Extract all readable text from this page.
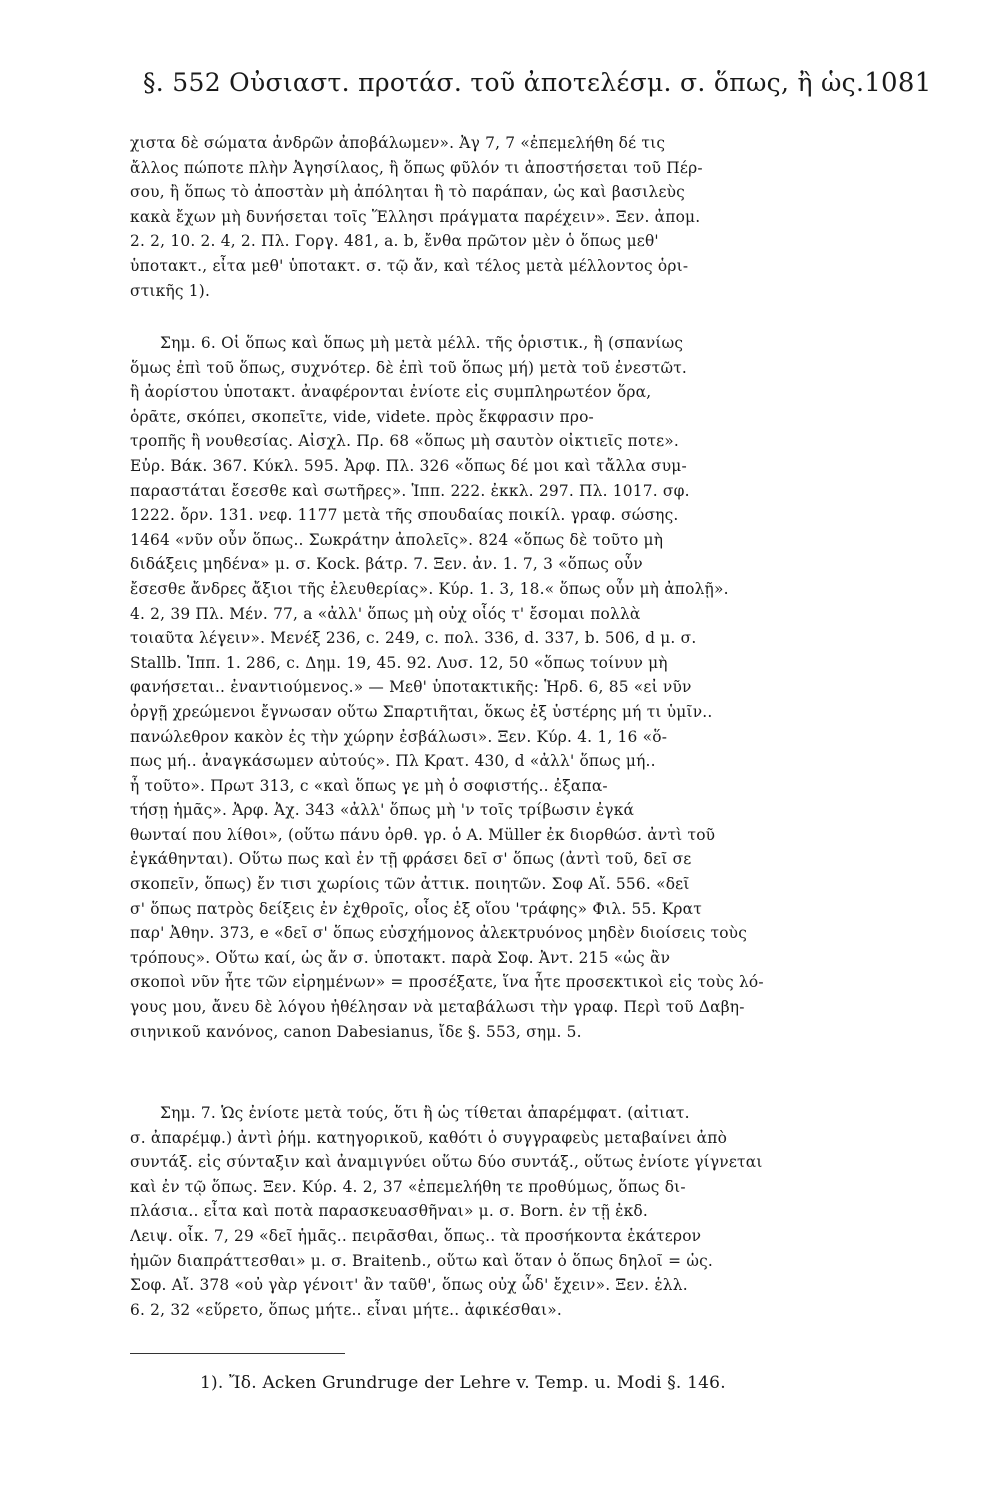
§. 552 Οὐσιαστ. προτάσ. τοῦ ἀποτελέσμ. σ. ὅπως, ἢ ὡς. 1081
χιστα δὲ σώματα ἀνδρῶν ἀποβάλωμεν». Ἀγ 7, 7 «ἐπεμελήθη δέ τις
ἄλλος πώποτε πλὴν Ἀγησίλαος, ἢ ὅπως φῦλόν τι ἀποστήσεται τοῦ Πέρ-
σου, ἢ ὅπως τὸ ἀποστὰν μὴ ἀπόληται ἢ τὸ παράπαν, ὡς καὶ βασιλεὺς
κακὰ ἔχων μὴ δυνήσεται τοῖς Ἕλλησι πράγματα παρέχειν». Ξεν. ἀπομ.
2. 2, 10. 2. 4, 2. Πλ. Γοργ. 481, a. b, ἔνθα πρῶτον μὲν ὁ ὅπως μεθ'
ὑποτακτ., εἶτα μεθ' ὑποτακτ. σ. τῷ ἄν, καὶ τέλος μετὰ μέλλοντος ὁρι-
στικῆς 1).
Σημ. 6. Οἱ ὅπως καὶ ὅπως μὴ μετὰ μέλλ. τῆς ὁριστικ., ἢ (σπανίως
ὅμως ἐπὶ τοῦ ὅπως, συχνότερ. δὲ ἐπὶ τοῦ ὅπως μή) μετὰ τοῦ ἐνεστῶτ.
ἢ ἀορίστου ὑποτακτ. ἀναφέρονται ἐνίοτε εἰς συμπληρωτέον ὅρα,
ὁρᾶτε, σκόπει, σκοπεῖτε, vide, videte. πρὸς ἔκφρασιν προ-
τροπῆς ἢ νουθεσίας. Αἰσχλ. Πρ. 68 «ὅπως μὴ σαυτὸν οἰκτιεῖς ποτε».
Εὐρ. Βάκ. 367. Κύκλ. 595. Ἀρφ. Πλ. 326 «ὅπως δέ μοι καὶ τἄλλα συμ-
παραστάται ἔσεσθε καὶ σωτῆρες». Ἱππ. 222. ἐκκλ. 297. Πλ. 1017. σφ.
1222. ὄρν. 131. νεφ. 1177 μετὰ τῆς σπουδαίας ποικίλ. γραφ. σώσης.
1464 «νῦν οὖν ὅπως.. Σωκράτην ἀπολεῖς». 824 «ὅπως δὲ τοῦτο μὴ
διδάξεις μηδένα» μ. σ. Kock. βάτρ. 7. Ξεν. ἀν. 1. 7, 3 «ὅπως οὖν
ἔσεσθε ἄνδρες ἄξιοι τῆς ἐλευθερίας». Κύρ. 1. 3, 18.« ὅπως οὖν μὴ ἀπολῇ».
4. 2, 39 Πλ. Μέν. 77, a «ἀλλ' ὅπως μὴ οὐχ οἷός τ' ἔσομαι πολλὰ
τοιαῦτα λέγειν». Μενέξ 236, c. 249, c. πολ. 336, d. 337, b. 506, d μ. σ.
Stallb. Ἱππ. 1. 286, c. Δημ. 19, 45. 92. Λυσ. 12, 50 «ὅπως τοίνυν μὴ
φανήσεται.. ἐναντιούμενος.» — Μεθ' ὑποτακτικῆς: Ἡρδ. 6, 85 «εἰ νῦν
ὀργῇ χρεώμενοι ἔγνωσαν οὕτω Σπαρτιῆται, ὅκως ἐξ ὑστέρης μή τι ὑμῖν..
πανώλεθρον κακὸν ἐς τὴν χώρην ἐσβάλωσι». Ξεν. Κύρ. 4. 1, 16 «ὅ-
πως μή.. ἀναγκάσωμεν αὐτούς». Πλ Κρατ. 430, d «ἀλλ' ὅπως μή..
ἦ τοῦτο». Πρωτ 313, c «καὶ ὅπως γε μὴ ὁ σοφιστής.. ἐξαπα-
τήσῃ ἡμᾶς». Ἀρφ. Ἀχ. 343 «ἀλλ' ὅπως μὴ 'ν τοῖς τρίβωσιν ἐγκά
θωνταί που λίθοι», (οὕτω πάνυ ὀρθ. γρ. ὁ A. Müller ἐκ διορθώσ. ἀντὶ τοῦ
ἐγκάθηνται). Οὕτω πως καὶ ἐν τῇ φράσει δεῖ σ' ὅπως (ἀντὶ τοῦ, δεῖ σε
σκοπεῖν, ὅπως) ἔν τισι χωρίοις τῶν ἀττικ. ποιητῶν. Σοφ Αἴ. 556. «δεῖ
σ' ὅπως πατρὸς δείξεις ἐν ἐχθροῖς, οἷος ἐξ οἵου 'τράφης» Φιλ. 55. Κρατ
παρ' Ἀθην. 373, e «δεῖ σ' ὅπως εὐσχήμονος ἀλεκτρυόνος μηδὲν διοίσεις τοὺς
τρόπους». Οὕτω καί, ὡς ἄν σ. ὑποτακτ. παρὰ Σοφ. Ἀντ. 215 «ὡς ἂν
σκοποὶ νῦν ἦτε τῶν εἰρημένων» = προσέξατε, ἵνα ἦτε προσεκτικοὶ εἰς τοὺς λό-
γους μου, ἄνευ δὲ λόγου ἠθέλησαν νὰ μεταβάλωσι τὴν γραφ. Περὶ τοῦ Δαβη-
σιηνικοῦ κανόνος, canon Dabesianus, ἴδε §. 553, σημ. 5.
Σημ. 7. Ὡς ἐνίοτε μετὰ τούς, ὅτι ἢ ὡς τίθεται ἀπαρέμφατ. (αἰτιατ.
σ. ἀπαρέμφ.) ἀντὶ ῥήμ. κατηγορικοῦ, καθότι ὁ συγγραφεὺς μεταβαίνει ἀπὸ
συντάξ. εἰς σύνταξιν καὶ ἀναμιγνύει οὕτω δύο συντάξ., οὕτως ἐνίοτε γίγνεται
καὶ ἐν τῷ ὅπως. Ξεν. Κύρ. 4. 2, 37 «ἐπεμελήθη τε προθύμως, ὅπως δι-
πλάσια.. εἶτα καὶ ποτὰ παρασκευασθῆναι» μ. σ. Born. ἐν τῇ ἐκδ.
Λειψ. οἶκ. 7, 29 «δεῖ ἡμᾶς.. πειρᾶσθαι, ὅπως.. τὰ προσήκοντα ἑκάτερον
ἡμῶν διαπράττεσθαι» μ. σ. Braitenb., οὕτω καὶ ὅταν ὁ ὅπως δηλοῖ = ὡς.
Σοφ. Αἴ. 378 «οὐ γὰρ γένοιτ' ἂν ταῦθ', ὅπως οὐχ ὧδ' ἔχειν». Ξεν. ἑλλ.
6. 2, 32 «εὕρετο, ὅπως μήτε.. εἶναι μήτε.. ἀφικέσθαι».
1). Ἴδ. Acken Grundruge der Lehre v. Temp. u. Modi §. 146.
